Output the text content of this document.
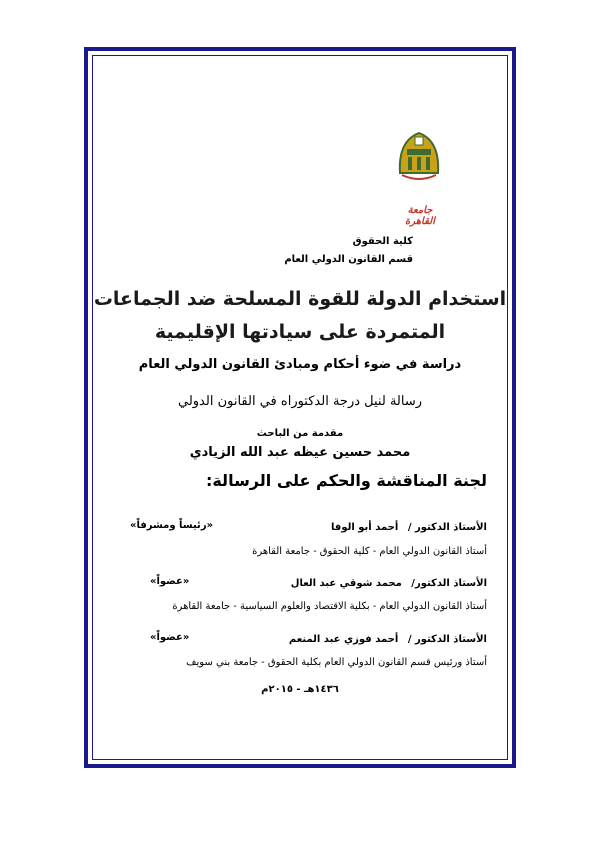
جامعة القاهرة
كلية الحقوق
قسم القانون الدولي العام
استخدام الدولة للقوة المسلحة ضد الجماعات
المتمردة على سيادتها الإقليمية
دراسة في ضوء أحكام ومبادئ القانون الدولي العام
رسالة لنيل درجة الدكتوراه في القانون الدولي
مقدمة من الباحث
محمد حسين عيظه عبد الله الزيادي
لجنة المناقشة والحكم على الرسالة:
الأستاذ الدكتور / أحمد أبو الوفا
«رئيساً ومشرفاً»
أستاذ القانون الدولي العام - كلية الحقوق - جامعة القاهرة
الأستاذ الدكتور/ محمد شوقي عبد العال
«عضواً»
أستاذ القانون الدولي العام - بكلية الاقتصاد والعلوم السياسية - جامعة القاهرة
الأستاذ الدكتور / أحمد فوزي عبد المنعم
«عضواً»
أستاذ ورئيس قسم القانون الدولي العام بكلية الحقوق - جامعة بني سويف
١٤٣٦هـ - ٢٠١٥م
